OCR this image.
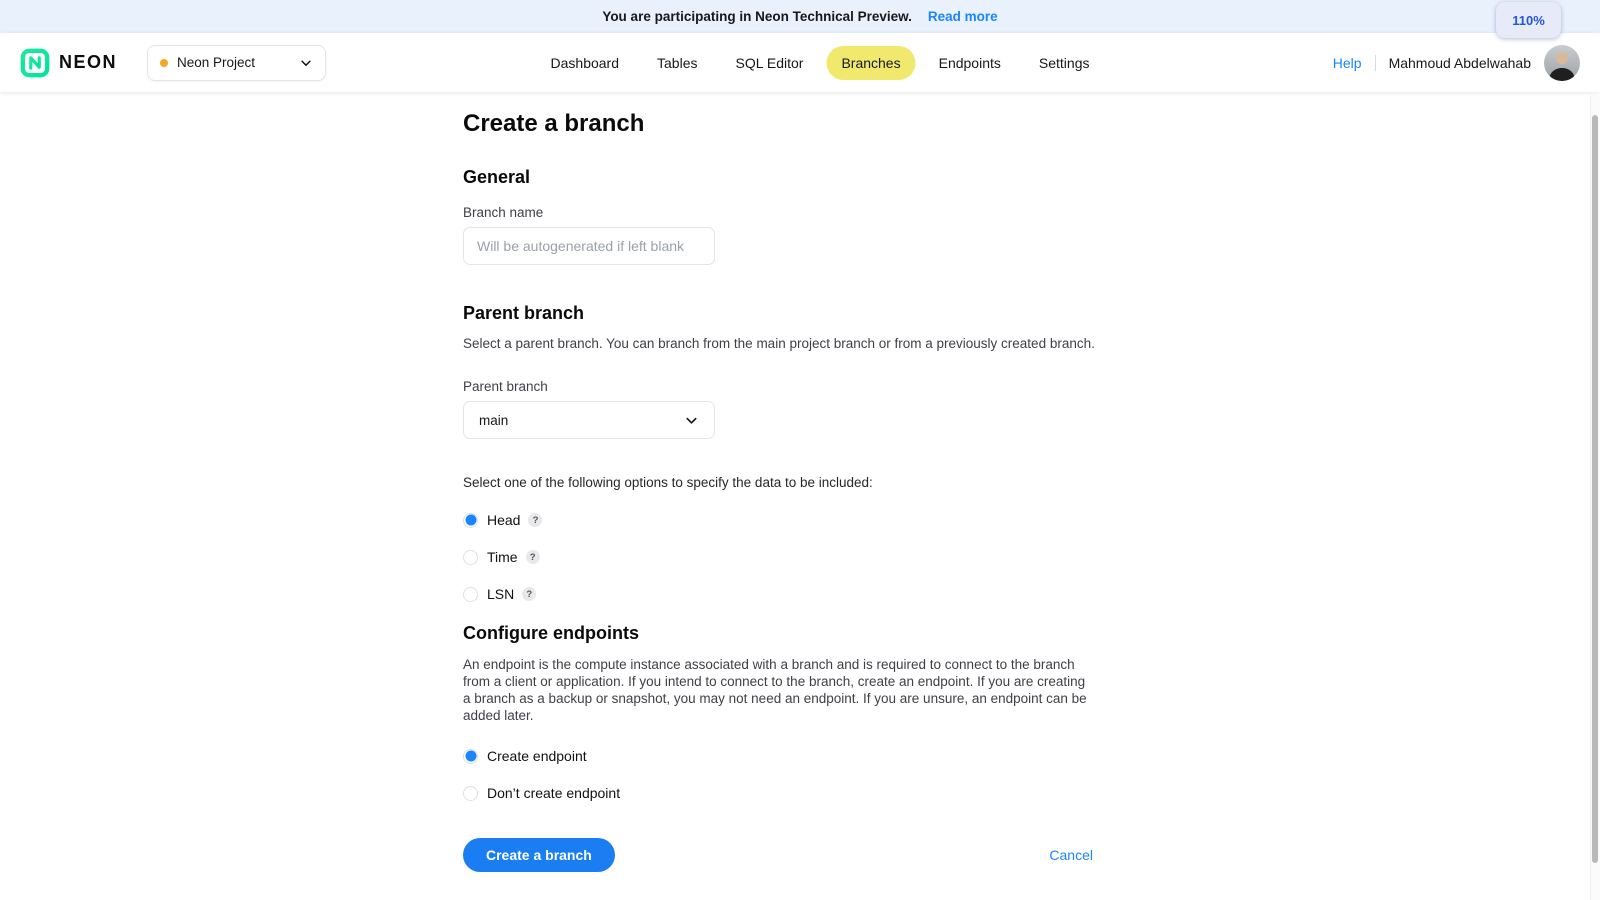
You are participating in Neon Technical Preview. Read more	110%
NEON	Neon Project	Dashboard	Tables	SQL Editor	Branches	Endpoints	Settings	Help Mahmoud Abdelwahab
Create a branch
General
Branch name
Will be autogenerated if left blank
Parent branch

Select a parent branch. You can branch from the main project branch or from a previously created branch.

Parent branch
main

Select one of the following options to specify the data to be included:

Head	?
Time	?
LSN	?
Configure endpoints

An endpoint is the compute instance associated with a branch and is required to connect to the branch from a client or application. If you intend to connect to the branch, create an endpoint. If you are creating a branch as a backup or snapshot, you may not need an endpoint. If you are unsure, an endpoint can be added later.

Create endpoint
Don’t create endpoint
Create a branch	Cancel
